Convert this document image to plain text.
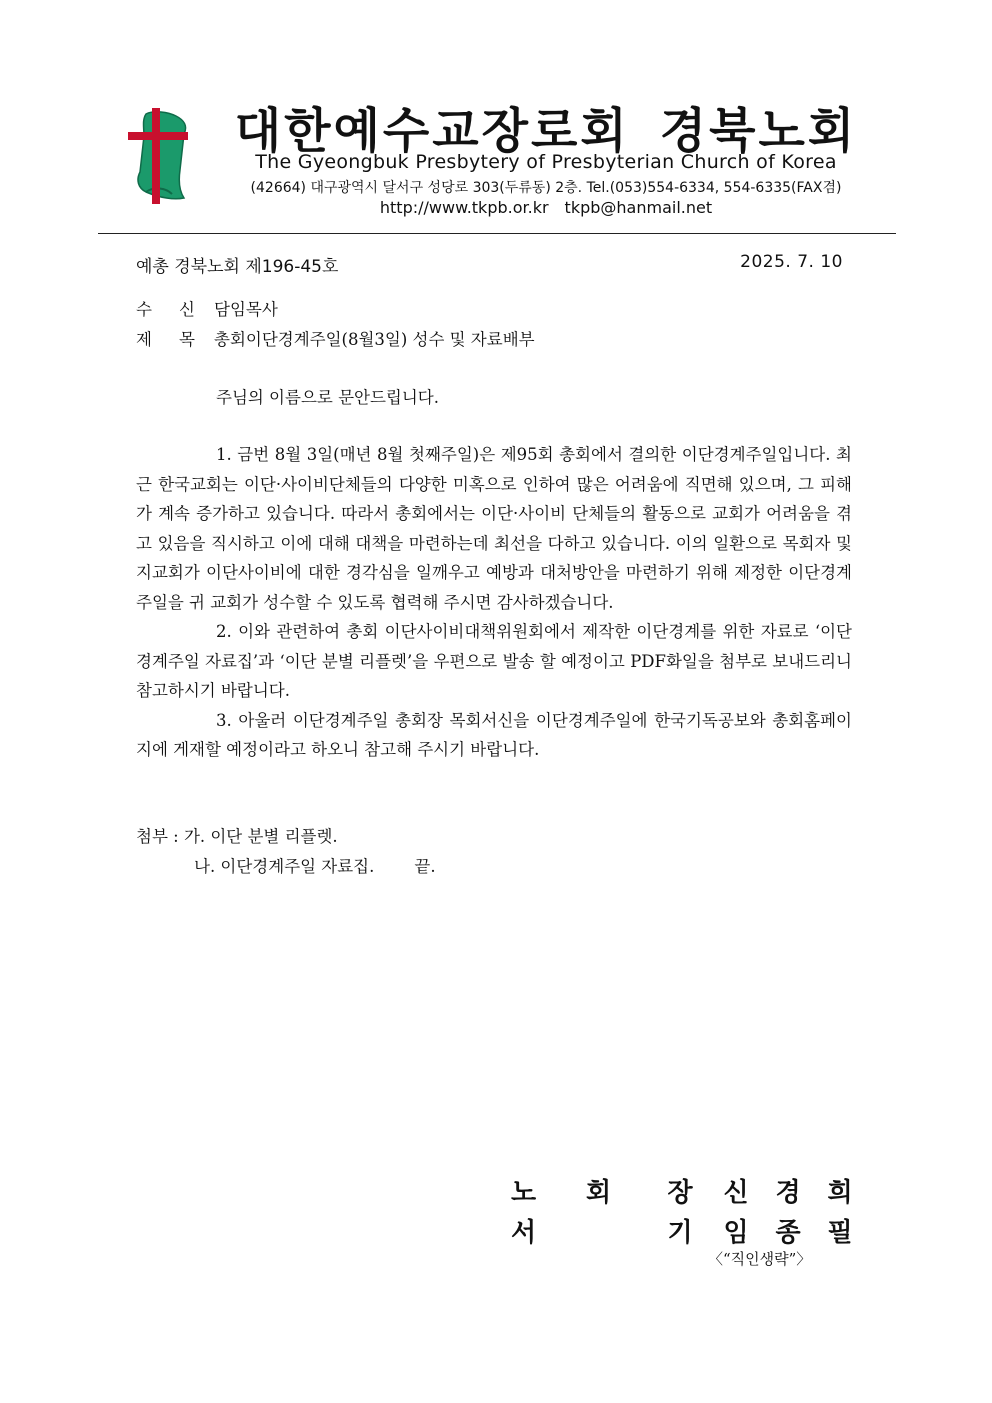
대한예수교장로회 경북노회
The Gyeongbuk Presbytery of Presbyterian Church of Korea
(42664) 대구광역시 달서구 성당로 303(두류동) 2층. Tel.(053)554-6334, 554-6335(FAX겸)
http://www.tkpb.or.kr tkpb@hanmail.net
예총 경북노회 제196-45호	2025. 7. 10
수신담임목사
제목총회이단경계주일(8월3일) 성수 및 자료배부
주님의 이름으로 문안드립니다.

1. 금번 8월 3일(매년 8월 첫째주일)은 제95회 총회에서 결의한 이단경계주일입니다. 최근 한국교회는 이단·사이비단체들의 다양한 미혹으로 인하여 많은 어려움에 직면해 있으며, 그 피해가 계속 증가하고 있습니다. 따라서 총회에서는 이단·사이비 단체들의 활동으로 교회가 어려움을 겪고 있음을 직시하고 이에 대해 대책을 마련하는데 최선을 다하고 있습니다. 이의 일환으로 목회자 및 지교회가 이단사이비에 대한 경각심을 일깨우고 예방과 대처방안을 마련하기 위해 제정한 이단경계주일을 귀 교회가 성수할 수 있도록 협력해 주시면 감사하겠습니다.

2. 이와 관련하여 총회 이단사이비대책위원회에서 제작한 이단경계를 위한 자료로 ‘이단경계주일 자료집’과 ‘이단 분별 리플렛’을 우편으로 발송 할 예정이고 PDF화일을 첨부로 보내드리니 참고하시기 바랍니다.

3. 아울러 이단경계주일 총회장 목회서신을 이단경계주일에 한국기독공보와 총회홈페이지에 게재할 예정이라고 하오니 참고해 주시기 바랍니다.

첨부 : 가. 이단 분별 리플렛.
나. 이단경계주일 자료집. 끝.
노 회 장 신 경 희
서	기 임 종 필
〈“직인생략”〉
